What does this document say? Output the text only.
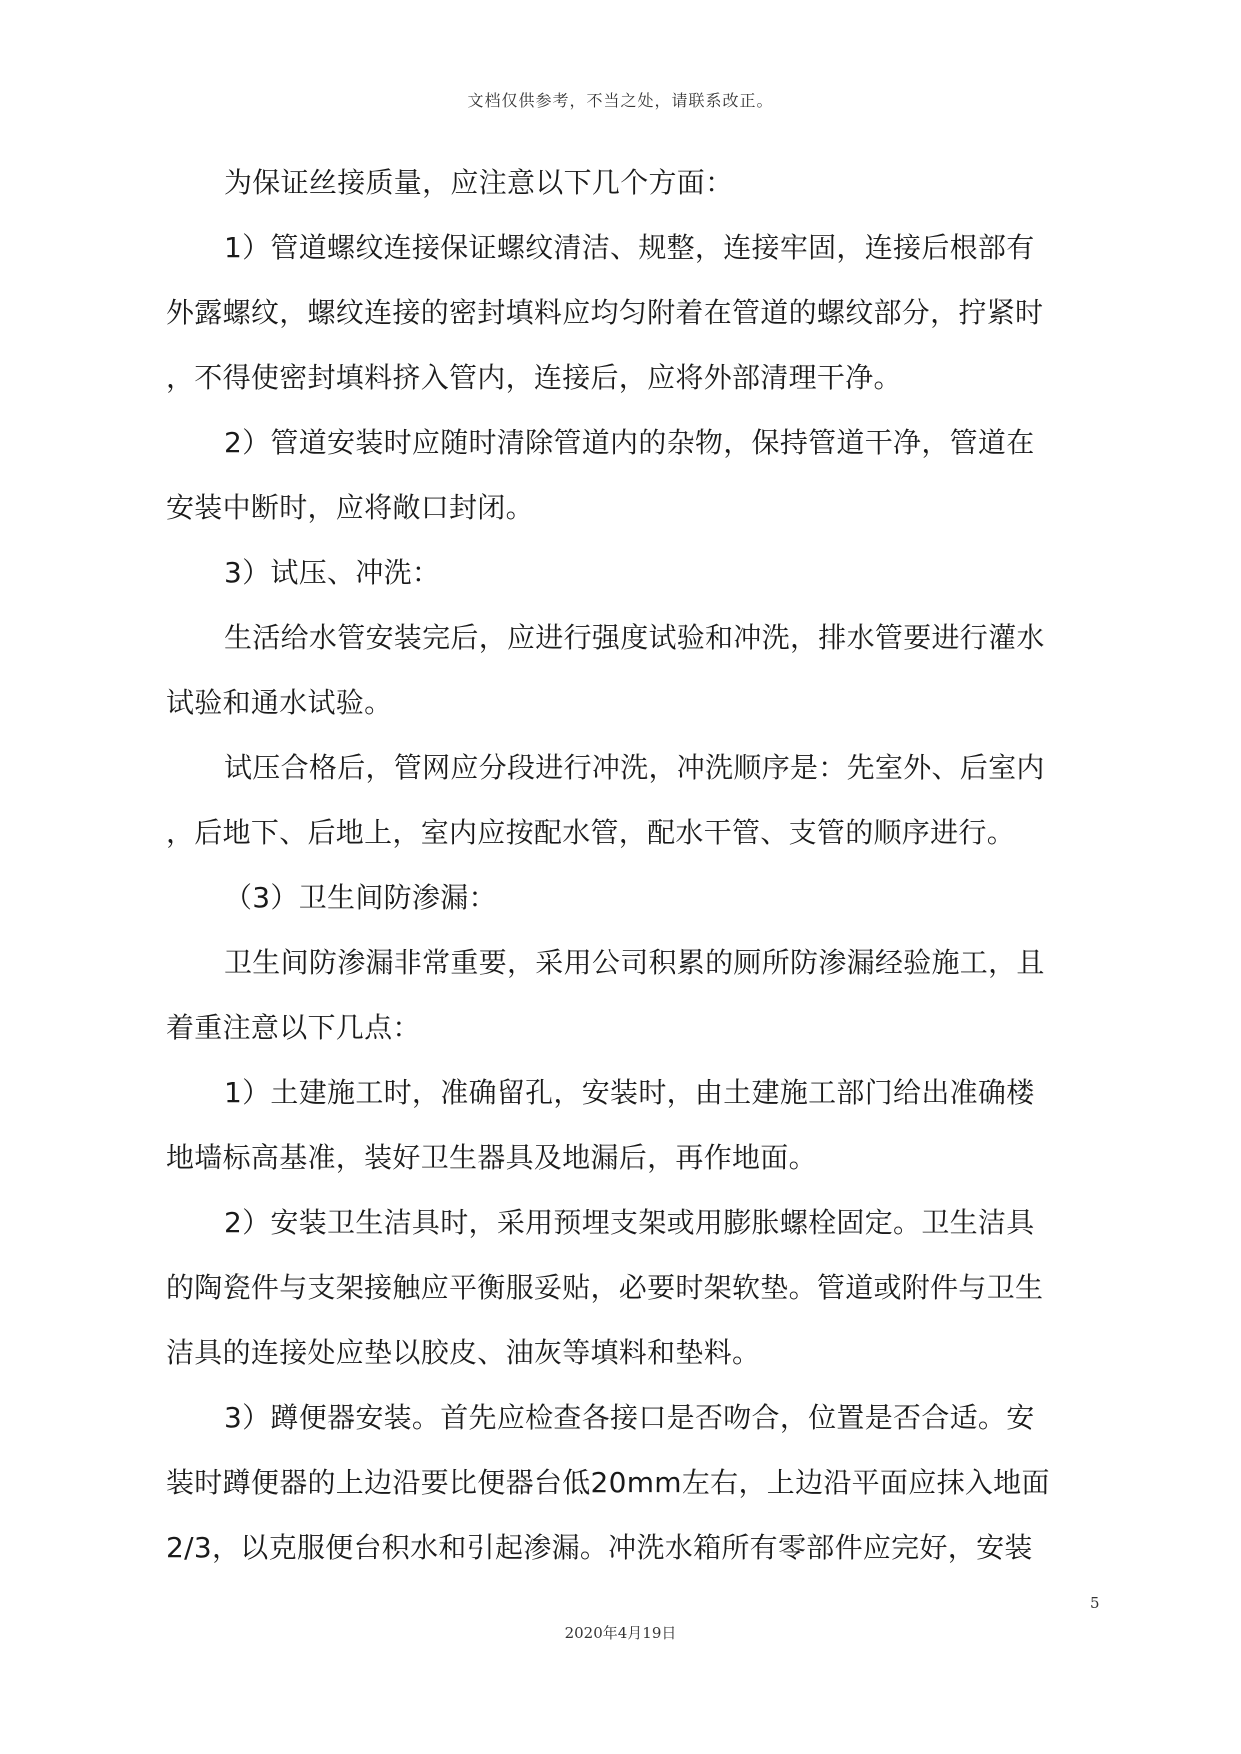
文档仅供参考，不当之处，请联系改正。
为保证丝接质量，应注意以下几个方面：
1）管道螺纹连接保证螺纹清洁、规整，连接牢固，连接后根部有
外露螺纹，螺纹连接的密封填料应均匀附着在管道的螺纹部分，拧紧时
，不得使密封填料挤入管内，连接后，应将外部清理干净。
2）管道安装时应随时清除管道内的杂物，保持管道干净，管道在
安装中断时，应将敞口封闭。
3）试压、冲洗：
生活给水管安装完后，应进行强度试验和冲洗，排水管要进行灌水
试验和通水试验。
试压合格后，管网应分段进行冲洗，冲洗顺序是：先室外、后室内
，后地下、后地上，室内应按配水管，配水干管、支管的顺序进行。
（3）卫生间防渗漏：
卫生间防渗漏非常重要，采用公司积累的厕所防渗漏经验施工，且
着重注意以下几点：
1）土建施工时，准确留孔，安装时，由土建施工部门给出准确楼
地墙标高基准，装好卫生器具及地漏后，再作地面。
2）安装卫生洁具时，采用预埋支架或用膨胀螺栓固定。卫生洁具
的陶瓷件与支架接触应平衡服妥贴，必要时架软垫。管道或附件与卫生
洁具的连接处应垫以胶皮、油灰等填料和垫料。
3）蹲便器安装。首先应检查各接口是否吻合，位置是否合适。安
装时蹲便器的上边沿要比便器台低20mm左右，上边沿平面应抹入地面
2/3，以克服便台积水和引起渗漏。冲洗水箱所有零部件应完好，安装
5
2020年4月19日
